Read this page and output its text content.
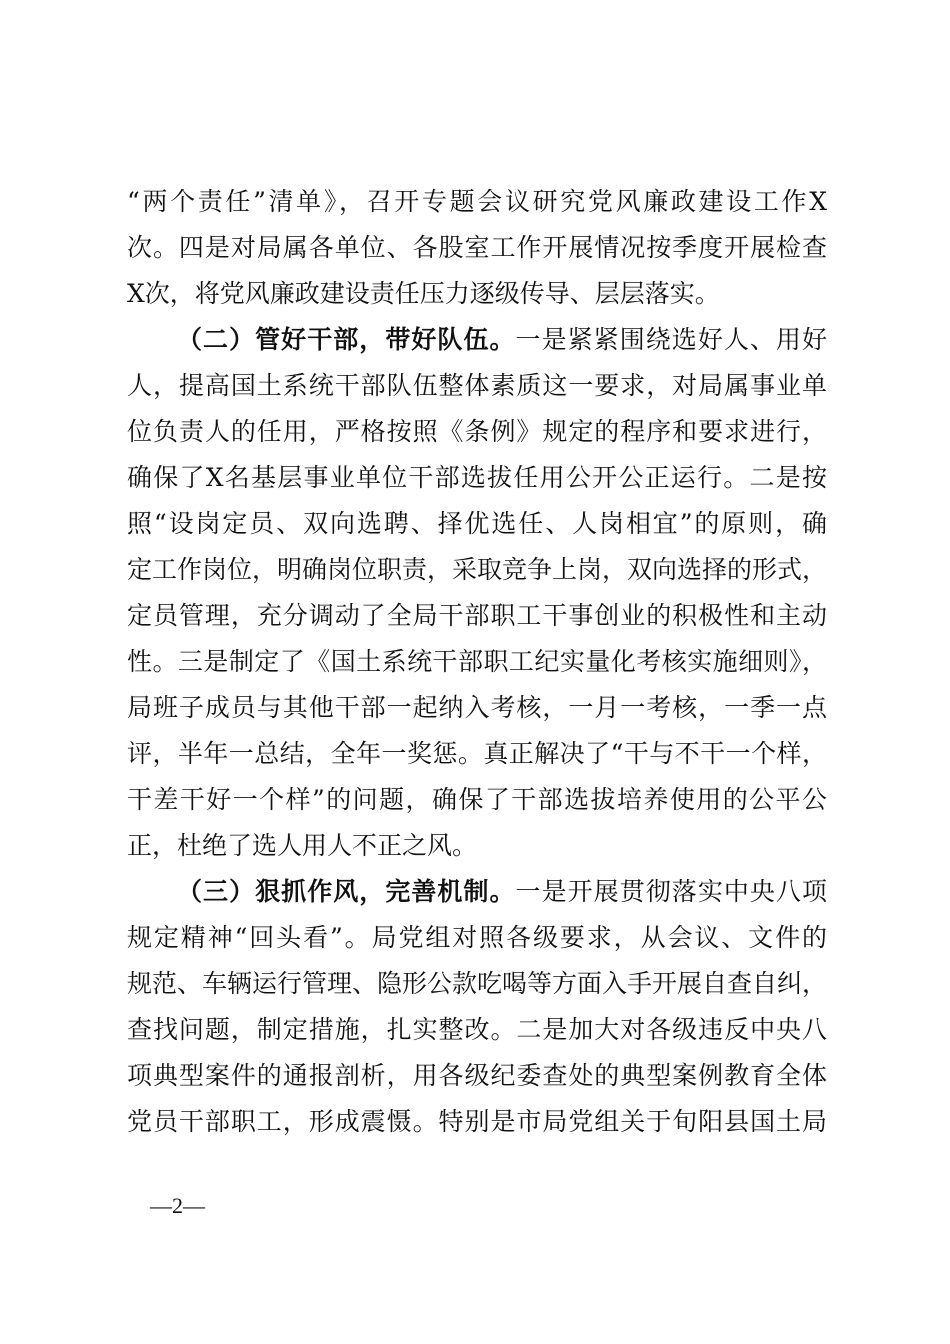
“两个责任”清单》，召开专题会议研究党风廉政建设工作X
次。四是对局属各单位、各股室工作开展情况按季度开展检查
X次，将党风廉政建设责任压力逐级传导、层层落实。
（二）管好干部，带好队伍。一是紧紧围绕选好人、用好
人，提高国土系统干部队伍整体素质这一要求，对局属事业单
位负责人的任用，严格按照《条例》规定的程序和要求进行，
确保了X名基层事业单位干部选拔任用公开公正运行。二是按
照“设岗定员、双向选聘、择优选任、人岗相宜”的原则，确
定工作岗位，明确岗位职责，采取竞争上岗，双向选择的形式，
定员管理，充分调动了全局干部职工干事创业的积极性和主动
性。三是制定了《国土系统干部职工纪实量化考核实施细则》，
局班子成员与其他干部一起纳入考核，一月一考核，一季一点
评，半年一总结，全年一奖惩。真正解决了“干与不干一个样，
干差干好一个样”的问题，确保了干部选拔培养使用的公平公
正，杜绝了选人用人不正之风。
（三）狠抓作风，完善机制。一是开展贯彻落实中央八项
规定精神“回头看”。局党组对照各级要求，从会议、文件的
规范、车辆运行管理、隐形公款吃喝等方面入手开展自查自纠，
查找问题，制定措施，扎实整改。二是加大对各级违反中央八
项典型案件的通报剖析，用各级纪委查处的典型案例教育全体
党员干部职工，形成震慑。特别是市局党组关于旬阳县国土局
—2—
